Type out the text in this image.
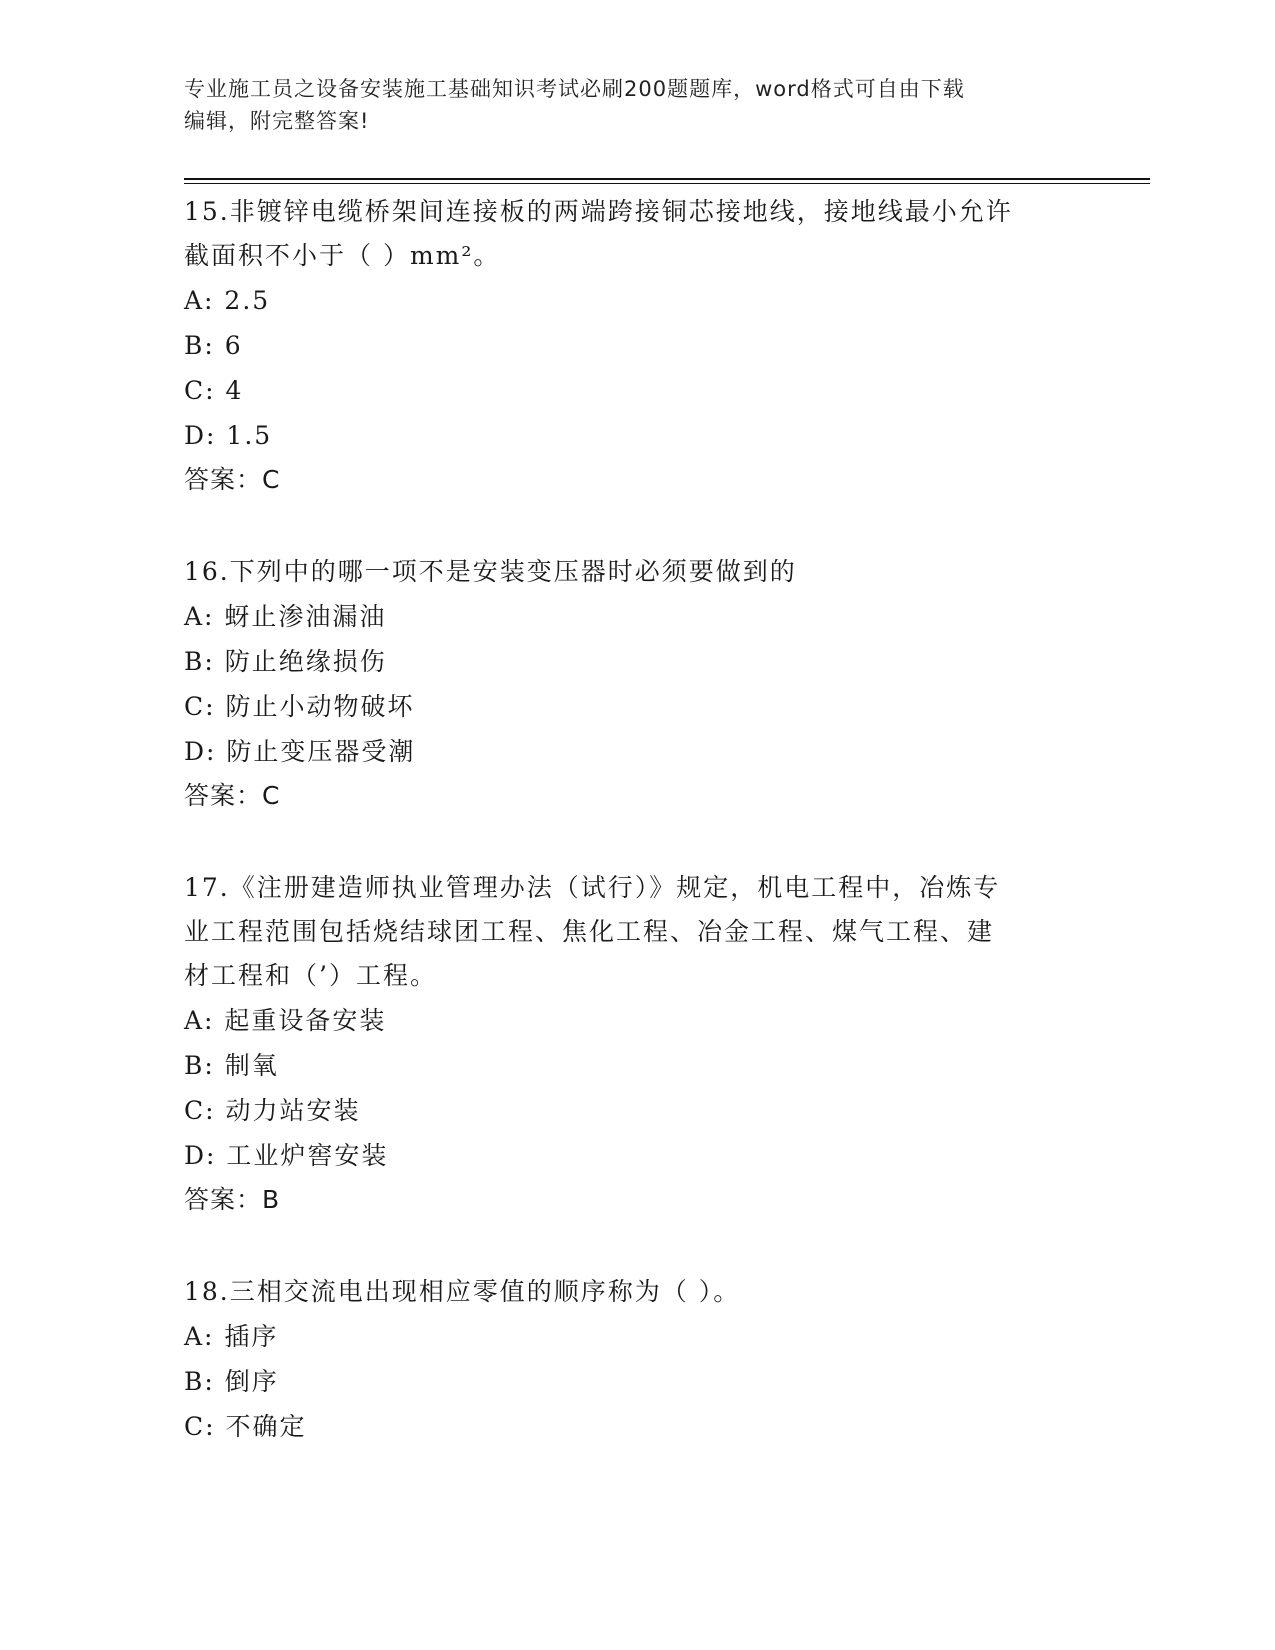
专业施工员之设备安装施工基础知识考试必刷200题题库，word格式可自由下载
编辑，附完整答案!
15.非镀锌电缆桥架间连接板的两端跨接铜芯接地线，接地线最小允许
截面积不小于（ ）mm²。
A: 2.5
B: 6
C: 4
D: 1.5
答案：C
16.下列中的哪一项不是安装变压器时必须要做到的
A: 蚜止渗油漏油
B: 防止绝缘损伤
C: 防止小动物破坏
D: 防止变压器受潮
答案：C
17.《注册建造师执业管理办法（试行）》规定，机电工程中，冶炼专
业工程范围包括烧结球团工程、焦化工程、冶金工程、煤气工程、建
材工程和（’）工程。
A: 起重设备安装
B: 制氧
C: 动力站安装
D: 工业炉窖安装
答案：B
18.三相交流电出现相应零值的顺序称为（ ）。
A: 插序
B: 倒序
C: 不确定
